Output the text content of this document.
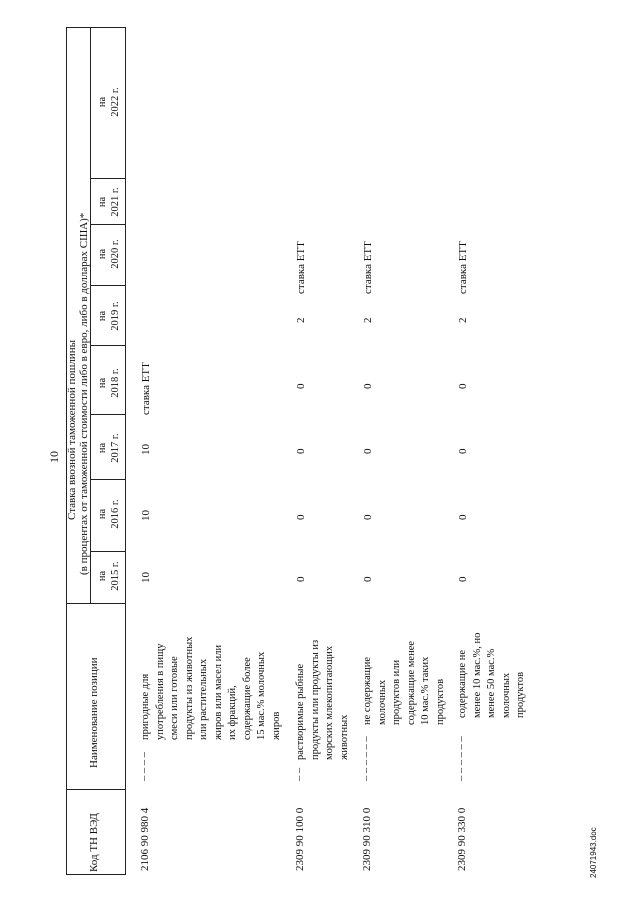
10
Код ТН ВЭД
Наименование позиции
Ставка ввозной таможенной пошлины (в процентах от таможенной стоимости либо в евро, либо в долларах США)*
на 2015 г.
на 2016 г.
на 2017 г.
на 2018 г.
на 2019 г.
на 2020 г.
на 2021 г.
на 2022 г.
2106 90 980 4
– – – –
пригодные для употребления в пищу смеси или готовые продукты из животных или растительных жиров или масел или их фракций, содержащие более 15 мас.% молочных жиров
10
10
10
ставка ЕТТ
2309 90 100 0
– –
растворимые рыбные продукты или продукты из морских млекопитающих животных
0
0
0
0
2
ставка ЕТТ
2309 90 310 0
– – – – – –
не содержащие молочных продуктов или содержащие менее 10 мас.% таких продуктов
0
0
0
0
2
ставка ЕТТ
2309 90 330 0
– – – – – –
содержащие не менее 10 мас.%, но менее 50 мас.% молочных продуктов
0
0
0
0
2
ставка ЕТТ
24071943.doc
